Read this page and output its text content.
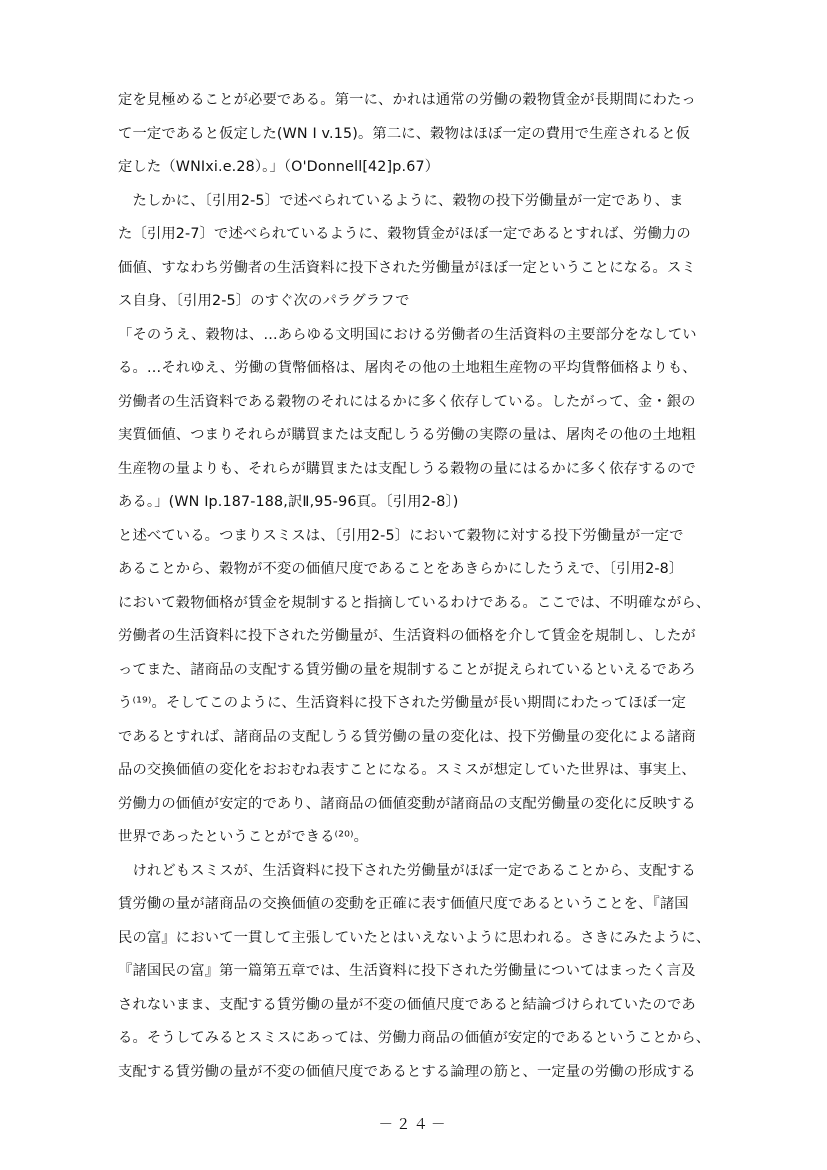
定を見極めることが必要である。第一に、かれは通常の労働の穀物賃金が長期間にわたっ
て一定であると仮定した(WN Ⅰ v.15)。第二に、穀物はほぼ一定の費用で生産されると仮
定した（WNⅠxi.e.28）。」（O'Donnell[42]p.67）
　たしかに、〔引用2-5〕で述べられているように、穀物の投下労働量が一定であり、ま
た〔引用2-7〕で述べられているように、穀物賃金がほぼ一定であるとすれば、労働力の
価値、すなわち労働者の生活資料に投下された労働量がほぼ一定ということになる。スミ
ス自身、〔引用2-5〕のすぐ次のパラグラフで
「そのうえ、穀物は、…あらゆる文明国における労働者の生活資料の主要部分をなしてい
る。…それゆえ、労働の貨幣価格は、屠肉その他の土地粗生産物の平均貨幣価格よりも、
労働者の生活資料である穀物のそれにはるかに多く依存している。したがって、金・銀の
実質価値、つまりそれらが購買または支配しうる労働の実際の量は、屠肉その他の土地粗
生産物の量よりも、それらが購買または支配しうる穀物の量にはるかに多く依存するので
ある。」(WN Ⅰp.187-188,訳Ⅱ,95-96頁。〔引用2-8〕)
と述べている。つまりスミスは、〔引用2-5〕において穀物に対する投下労働量が一定で
あることから、穀物が不変の価値尺度であることをあきらかにしたうえで、〔引用2-8〕
において穀物価格が賃金を規制すると指摘しているわけである。ここでは、不明確ながら、
労働者の生活資料に投下された労働量が、生活資料の価格を介して賃金を規制し、したが
ってまた、諸商品の支配する賃労働の量を規制することが捉えられているといえるであろ
う⁽¹⁹⁾。そしてこのように、生活資料に投下された労働量が長い期間にわたってほぼ一定
であるとすれば、諸商品の支配しうる賃労働の量の変化は、投下労働量の変化による諸商
品の交換価値の変化をおおむね表すことになる。スミスが想定していた世界は、事実上、
労働力の価値が安定的であり、諸商品の価値変動が諸商品の支配労働量の変化に反映する
世界であったということができる⁽²⁰⁾。
　けれどもスミスが、生活資料に投下された労働量がほぼ一定であることから、支配する
賃労働の量が諸商品の交換価値の変動を正確に表す価値尺度であるということを、『諸国
民の富』において一貫して主張していたとはいえないように思われる。さきにみたように、
『諸国民の富』第一篇第五章では、生活資料に投下された労働量についてはまったく言及
されないまま、支配する賃労働の量が不変の価値尺度であると結論づけられていたのであ
る。そうしてみるとスミスにあっては、労働力商品の価値が安定的であるということから、
支配する賃労働の量が不変の価値尺度であるとする論理の筋と、一定量の労働の形成する
－２４－
